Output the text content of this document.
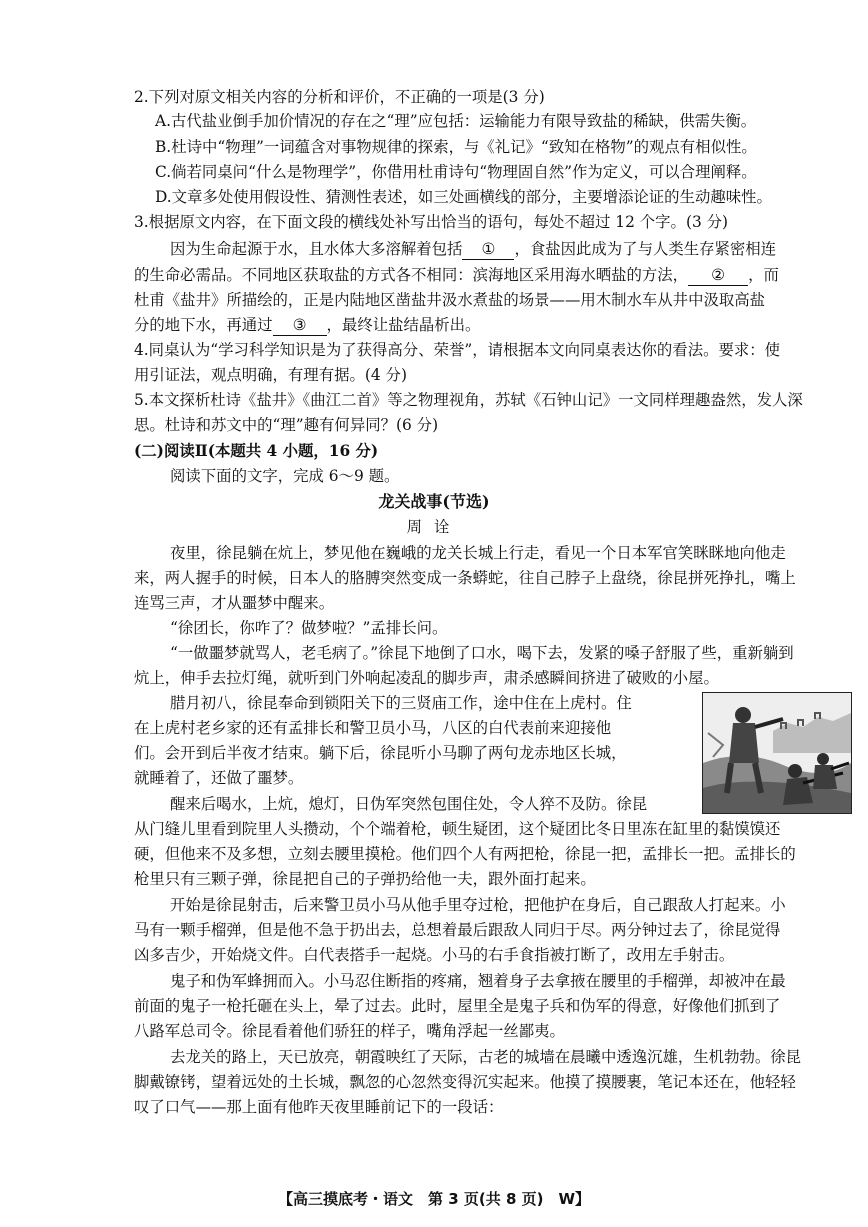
2.下列对原文相关内容的分析和评价，不正确的一项是(3 分)
A.古代盐业倒手加价情况的存在之“理”应包括：运输能力有限导致盐的稀缺，供需失衡。
B.杜诗中“物理”一词蕴含对事物规律的探索，与《礼记》“致知在格物”的观点有相似性。
C.倘若同桌问“什么是物理学”，你借用杜甫诗句“物理固自然”作为定义，可以合理阐释。
D.文章多处使用假设性、猜测性表述，如三处画横线的部分，主要增添论证的生动趣味性。
3.根据原文内容，在下面文段的横线处补写出恰当的语句，每处不超过 12 个字。(3 分)
因为生命起源于水，且水体大多溶解着包括 ① ，食盐因此成为了与人类生存紧密相连
的生命必需品。不同地区获取盐的方式各不相同：滨海地区采用海水晒盐的方法， ② ，而
杜甫《盐井》所描绘的，正是内陆地区凿盐井汲水煮盐的场景——用木制水车从井中汲取高盐
分的地下水，再通过 ③ ，最终让盐结晶析出。
4.同桌认为“学习科学知识是为了获得高分、荣誉”，请根据本文向同桌表达你的看法。要求：使
用引证法，观点明确，有理有据。(4 分)
5.本文探析杜诗《盐井》《曲江二首》等之物理视角，苏轼《石钟山记》一文同样理趣盎然，发人深
思。杜诗和苏文中的“理”趣有何异同？(6 分)
(二)阅读Ⅱ(本题共 4 小题，16 分)
阅读下面的文字，完成 6～9 题。
龙关战事(节选)
周诠
夜里，徐昆躺在炕上，梦见他在巍峨的龙关长城上行走，看见一个日本军官笑眯眯地向他走
来，两人握手的时候，日本人的胳膊突然变成一条蟒蛇，往自己脖子上盘绕，徐昆拼死挣扎，嘴上
连骂三声，才从噩梦中醒来。
“徐团长，你咋了？做梦啦？”孟排长问。
“一做噩梦就骂人，老毛病了。”徐昆下地倒了口水，喝下去，发紧的嗓子舒服了些，重新躺到
炕上，伸手去拉灯绳，就听到门外响起凌乱的脚步声，肃杀感瞬间挤进了破败的小屋。
腊月初八，徐昆奉命到锁阳关下的三贤庙工作，途中住在上虎村。住
在上虎村老乡家的还有孟排长和警卫员小马，八区的白代表前来迎接他
们。会开到后半夜才结束。躺下后，徐昆听小马聊了两句龙赤地区长城，
就睡着了，还做了噩梦。
醒来后喝水，上炕，熄灯，日伪军突然包围住处，令人猝不及防。徐昆
从门缝儿里看到院里人头攒动，个个端着枪，顿生疑团，这个疑团比冬日里冻在缸里的黏馍馍还
硬，但他来不及多想，立刻去腰里摸枪。他们四个人有两把枪，徐昆一把，孟排长一把。孟排长的
枪里只有三颗子弹，徐昆把自己的子弹扔给他一夫，跟外面打起来。
开始是徐昆射击，后来警卫员小马从他手里夺过枪，把他护在身后，自己跟敌人打起来。小
马有一颗手榴弹，但是他不急于扔出去，总想着最后跟敌人同归于尽。两分钟过去了，徐昆觉得
凶多吉少，开始烧文件。白代表搭手一起烧。小马的右手食指被打断了，改用左手射击。
鬼子和伪军蜂拥而入。小马忍住断指的疼痛，翘着身子去拿掖在腰里的手榴弹，却被冲在最
前面的鬼子一枪托砸在头上，晕了过去。此时，屋里全是鬼子兵和伪军的得意，好像他们抓到了
八路军总司令。徐昆看着他们骄狂的样子，嘴角浮起一丝鄙夷。
去龙关的路上，天已放亮，朝霞映红了天际，古老的城墙在晨曦中透逸沉雄，生机勃勃。徐昆
脚戴镣铐，望着远处的土长城，飘忽的心忽然变得沉实起来。他摸了摸腰裹，笔记本还在，他轻轻
叹了口气——那上面有他昨天夜里睡前记下的一段话：
【高三摸底考・语文　第 3 页(共 8 页)　W】
